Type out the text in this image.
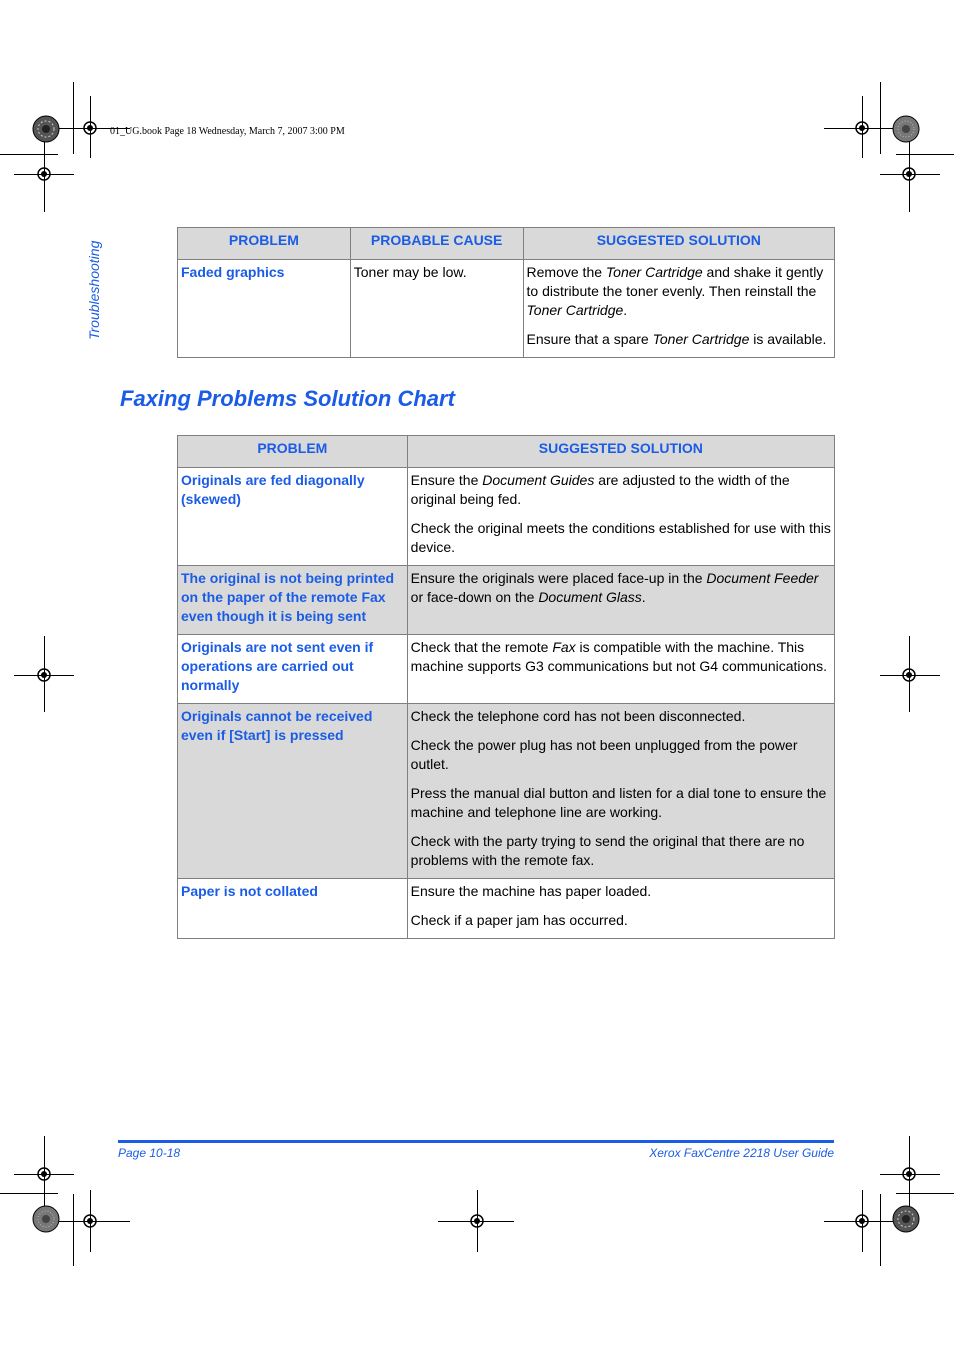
01_UG.book Page 18 Wednesday, March 7, 2007 3:00 PM
Troubleshooting
PROBLEM	PROBABLE CAUSE	SUGGESTED SOLUTION
Faded graphics	Toner may be low.	Remove the Toner Cartridge and shake it gently to distribute the toner evenly. Then reinstall the Toner Cartridge.

Ensure that a spare Toner Cartridge is available.

Faxing Problems Solution Chart
PROBLEM	SUGGESTED SOLUTION
Originals are fed diagonally (skewed)	Ensure the Document Guides are adjusted to the width of the original being fed.

Check the original meets the conditions established for use with this device.

The original is not being printed on the paper of the remote Fax even though it is being sent	Ensure the originals were placed face-up in the Document Feeder or face-down on the Document Glass.

Originals are not sent even if operations are carried out normally	Check that the remote Fax is compatible with the machine. This machine supports G3 communications but not G4 communications.

Originals cannot be received even if [Start] is pressed	Check the telephone cord has not been disconnected.

Check the power plug has not been unplugged from the power outlet.

Press the manual dial button and listen for a dial tone to ensure the machine and telephone line are working.

Check with the party trying to send the original that there are no problems with the remote fax.

Paper is not collated	Ensure the machine has paper loaded.

Check if a paper jam has occurred.

Page 10-18	Xerox FaxCentre 2218 User Guide
